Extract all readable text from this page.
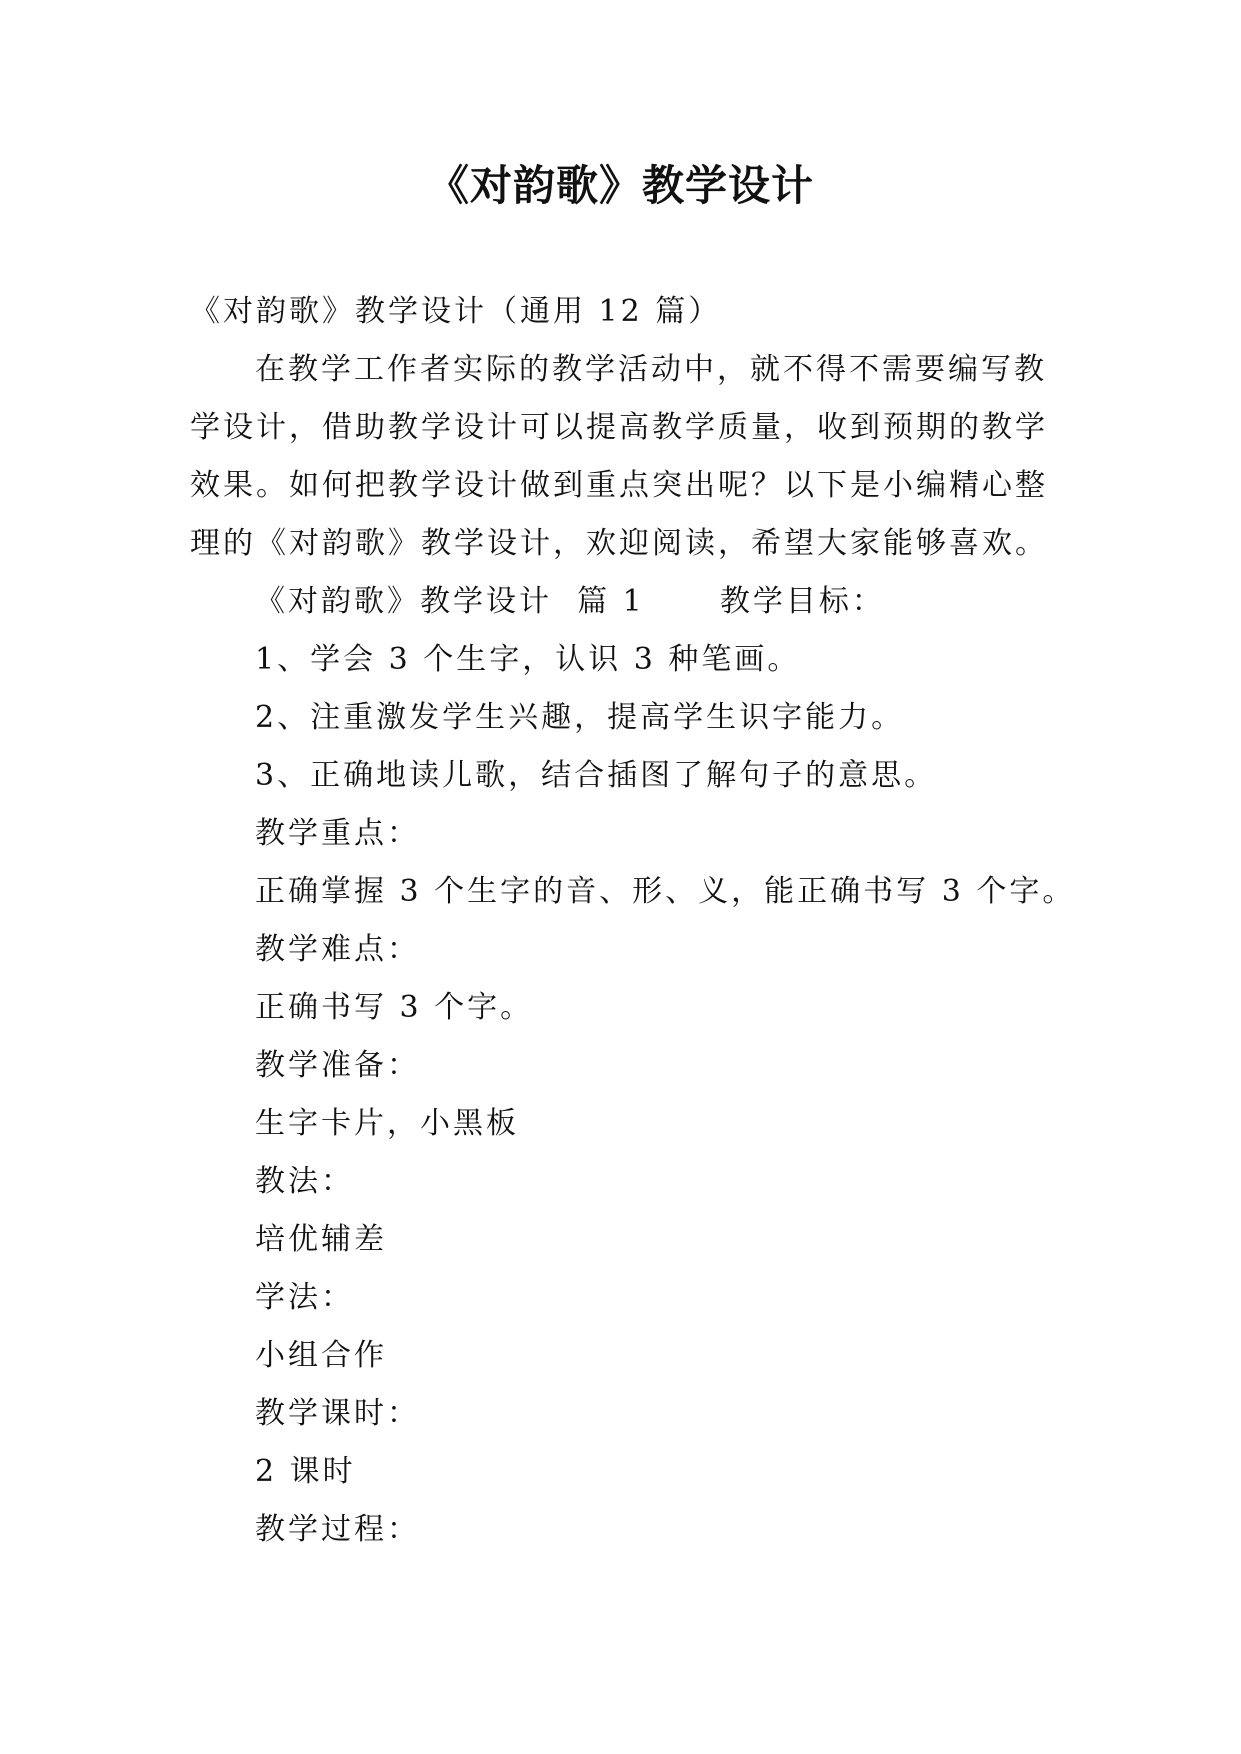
《对韵歌》教学设计
《对韵歌》教学设计（通用 12 篇）
在教学工作者实际的教学活动中，就不得不需要编写教
学设计，借助教学设计可以提高教学质量，收到预期的教学
效果。如何把教学设计做到重点突出呢？以下是小编精心整
理的《对韵歌》教学设计，欢迎阅读，希望大家能够喜欢。
《对韵歌》教学设计  篇 1      教学目标：
1、学会 3 个生字，认识 3 种笔画。
2、注重激发学生兴趣，提高学生识字能力。
3、正确地读儿歌，结合插图了解句子的意思。
教学重点：
正确掌握 3 个生字的音、形、义，能正确书写 3 个字。
教学难点：
正确书写 3 个字。
教学准备：
生字卡片，小黑板
教法：
培优辅差
学法：
小组合作
教学课时：
2 课时
教学过程：
